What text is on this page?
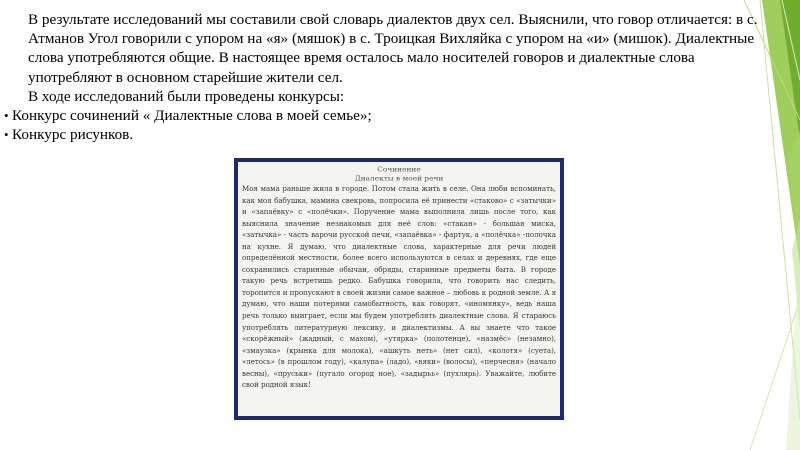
В результате исследований мы составили свой словарь диалектов двух сел. Выяснили, что говор отличается: в с. Атманов Угол говорили с упором на «я» (мяшок) в с. Троицкая Вихляйка с упором на «и» (мишок). Диалектные слова употребляются общие. В настоящее время осталось мало носителей говоров и диалектные слова употребляют в основном старейшие жители сел.

В ходе исследований были проведены конкурсы:

• Конкурс сочинений « Диалектные слова в моей семье»;
• Конкурс рисунков.
Сочинение
Диалекты в моей речи
Моя мама раньше жила в городе. Потом стала жить в селе. Она люби вспоминать, как моя бабушка, мамина свекровь, попросила её принести «стаково» с «затычки» и «запаёвку» с «полёчки». Поручение мама выполнила лишь после того, как выяснила значение незнакомых для неё слов: «стакан» - большая миска, «затычка» - часть варочи русской печи, «запаёвка» - фартук, а «полёчка» -полочка на кухне. Я думаю, что диалектные слова, характерные для речи людей определённой местности, более всего используются в селах и деревнях, где еще сохранились старинные обычаи, обряды, старинные предметы быта. В городе такую речь встретишь редко. Бабушка говорила, что говорить нас следить, торопится и пропускают в своей жизни самое важное – любовь к родной земле. А я думаю, что наши потерями самобытность, как говорят, «иномянку», ведь наша речь только выиграет, если мы будем употреблять диалектные слова. Я стараюсь употреблять литературную лексику, и диалектизмы. А вы знаете что такое «скорёжный» (жадный, с махом), «утярка» (полотенце), «назмёс» (незамно), «змаузка» (крынка для молока), «ашкуть неть» (нет сил), «колотя» (суета), «летось» (в прошлом году), «калупа» (ладо), «вяки» (волосы), «перчесня» (начало весны), «пруськи» (пугало огород ное), «задырьь» (пухлярь). Уважайте, любите свой родной язык!
